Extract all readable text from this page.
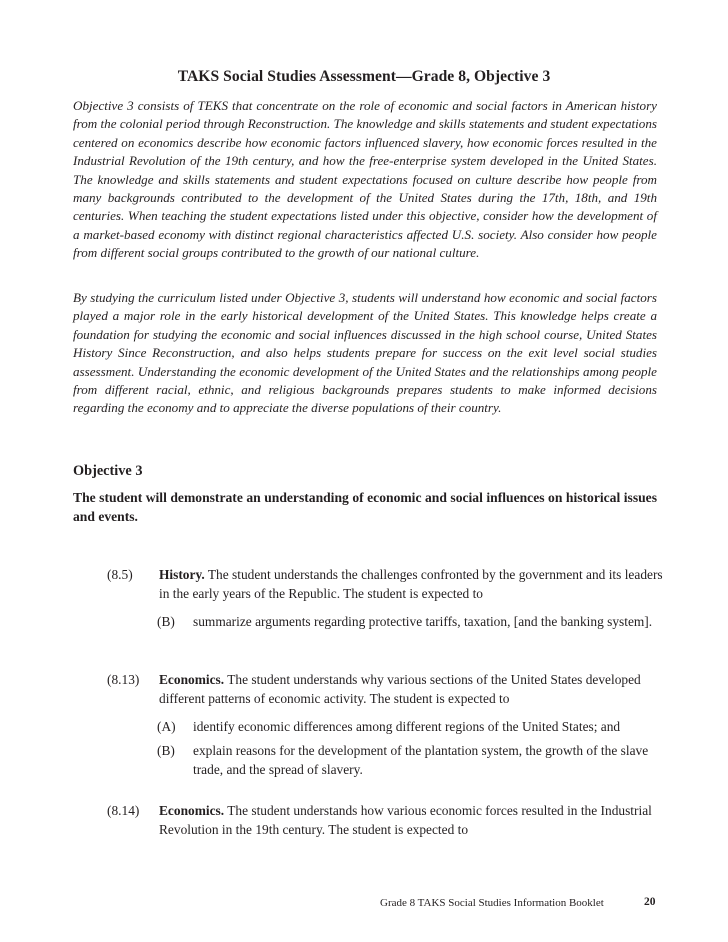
TAKS Social Studies Assessment—Grade 8, Objective 3

Objective 3 consists of TEKS that concentrate on the role of economic and social factors in American history from the colonial period through Reconstruction. The knowledge and skills statements and student expectations centered on economics describe how economic factors influenced slavery, how economic forces resulted in the Industrial Revolution of the 19th century, and how the free-enterprise system developed in the United States. The knowledge and skills statements and student expectations focused on culture describe how people from many backgrounds contributed to the development of the United States during the 17th, 18th, and 19th centuries. When teaching the student expectations listed under this objective, consider how the development of a market-based economy with distinct regional characteristics affected U.S. society. Also consider how people from different social groups contributed to the growth of our national culture.

By studying the curriculum listed under Objective 3, students will understand how economic and social factors played a major role in the early historical development of the United States. This knowledge helps create a foundation for studying the economic and social influences discussed in the high school course, United States History Since Reconstruction, and also helps students prepare for success on the exit level social studies assessment. Understanding the economic development of the United States and the relationships among people from different racial, ethnic, and religious backgrounds prepares students to make informed decisions regarding the economy and to appreciate the diverse populations of their country.

Objective 3

The student will demonstrate an understanding of economic and social influences on historical issues and events.

(8.5) History. The student understands the challenges confronted by the government and its leaders in the early years of the Republic. The student is expected to
(B) summarize arguments regarding protective tariffs, taxation, [and the banking system].
(8.13) Economics. The student understands why various sections of the United States developed different patterns of economic activity. The student is expected to
(A) identify economic differences among different regions of the United States; and
(B) explain reasons for the development of the plantation system, the growth of the slave trade, and the spread of slavery.
(8.14) Economics. The student understands how various economic forces resulted in the Industrial Revolution in the 19th century. The student is expected to
Grade 8 TAKS Social Studies Information Booklet	20
